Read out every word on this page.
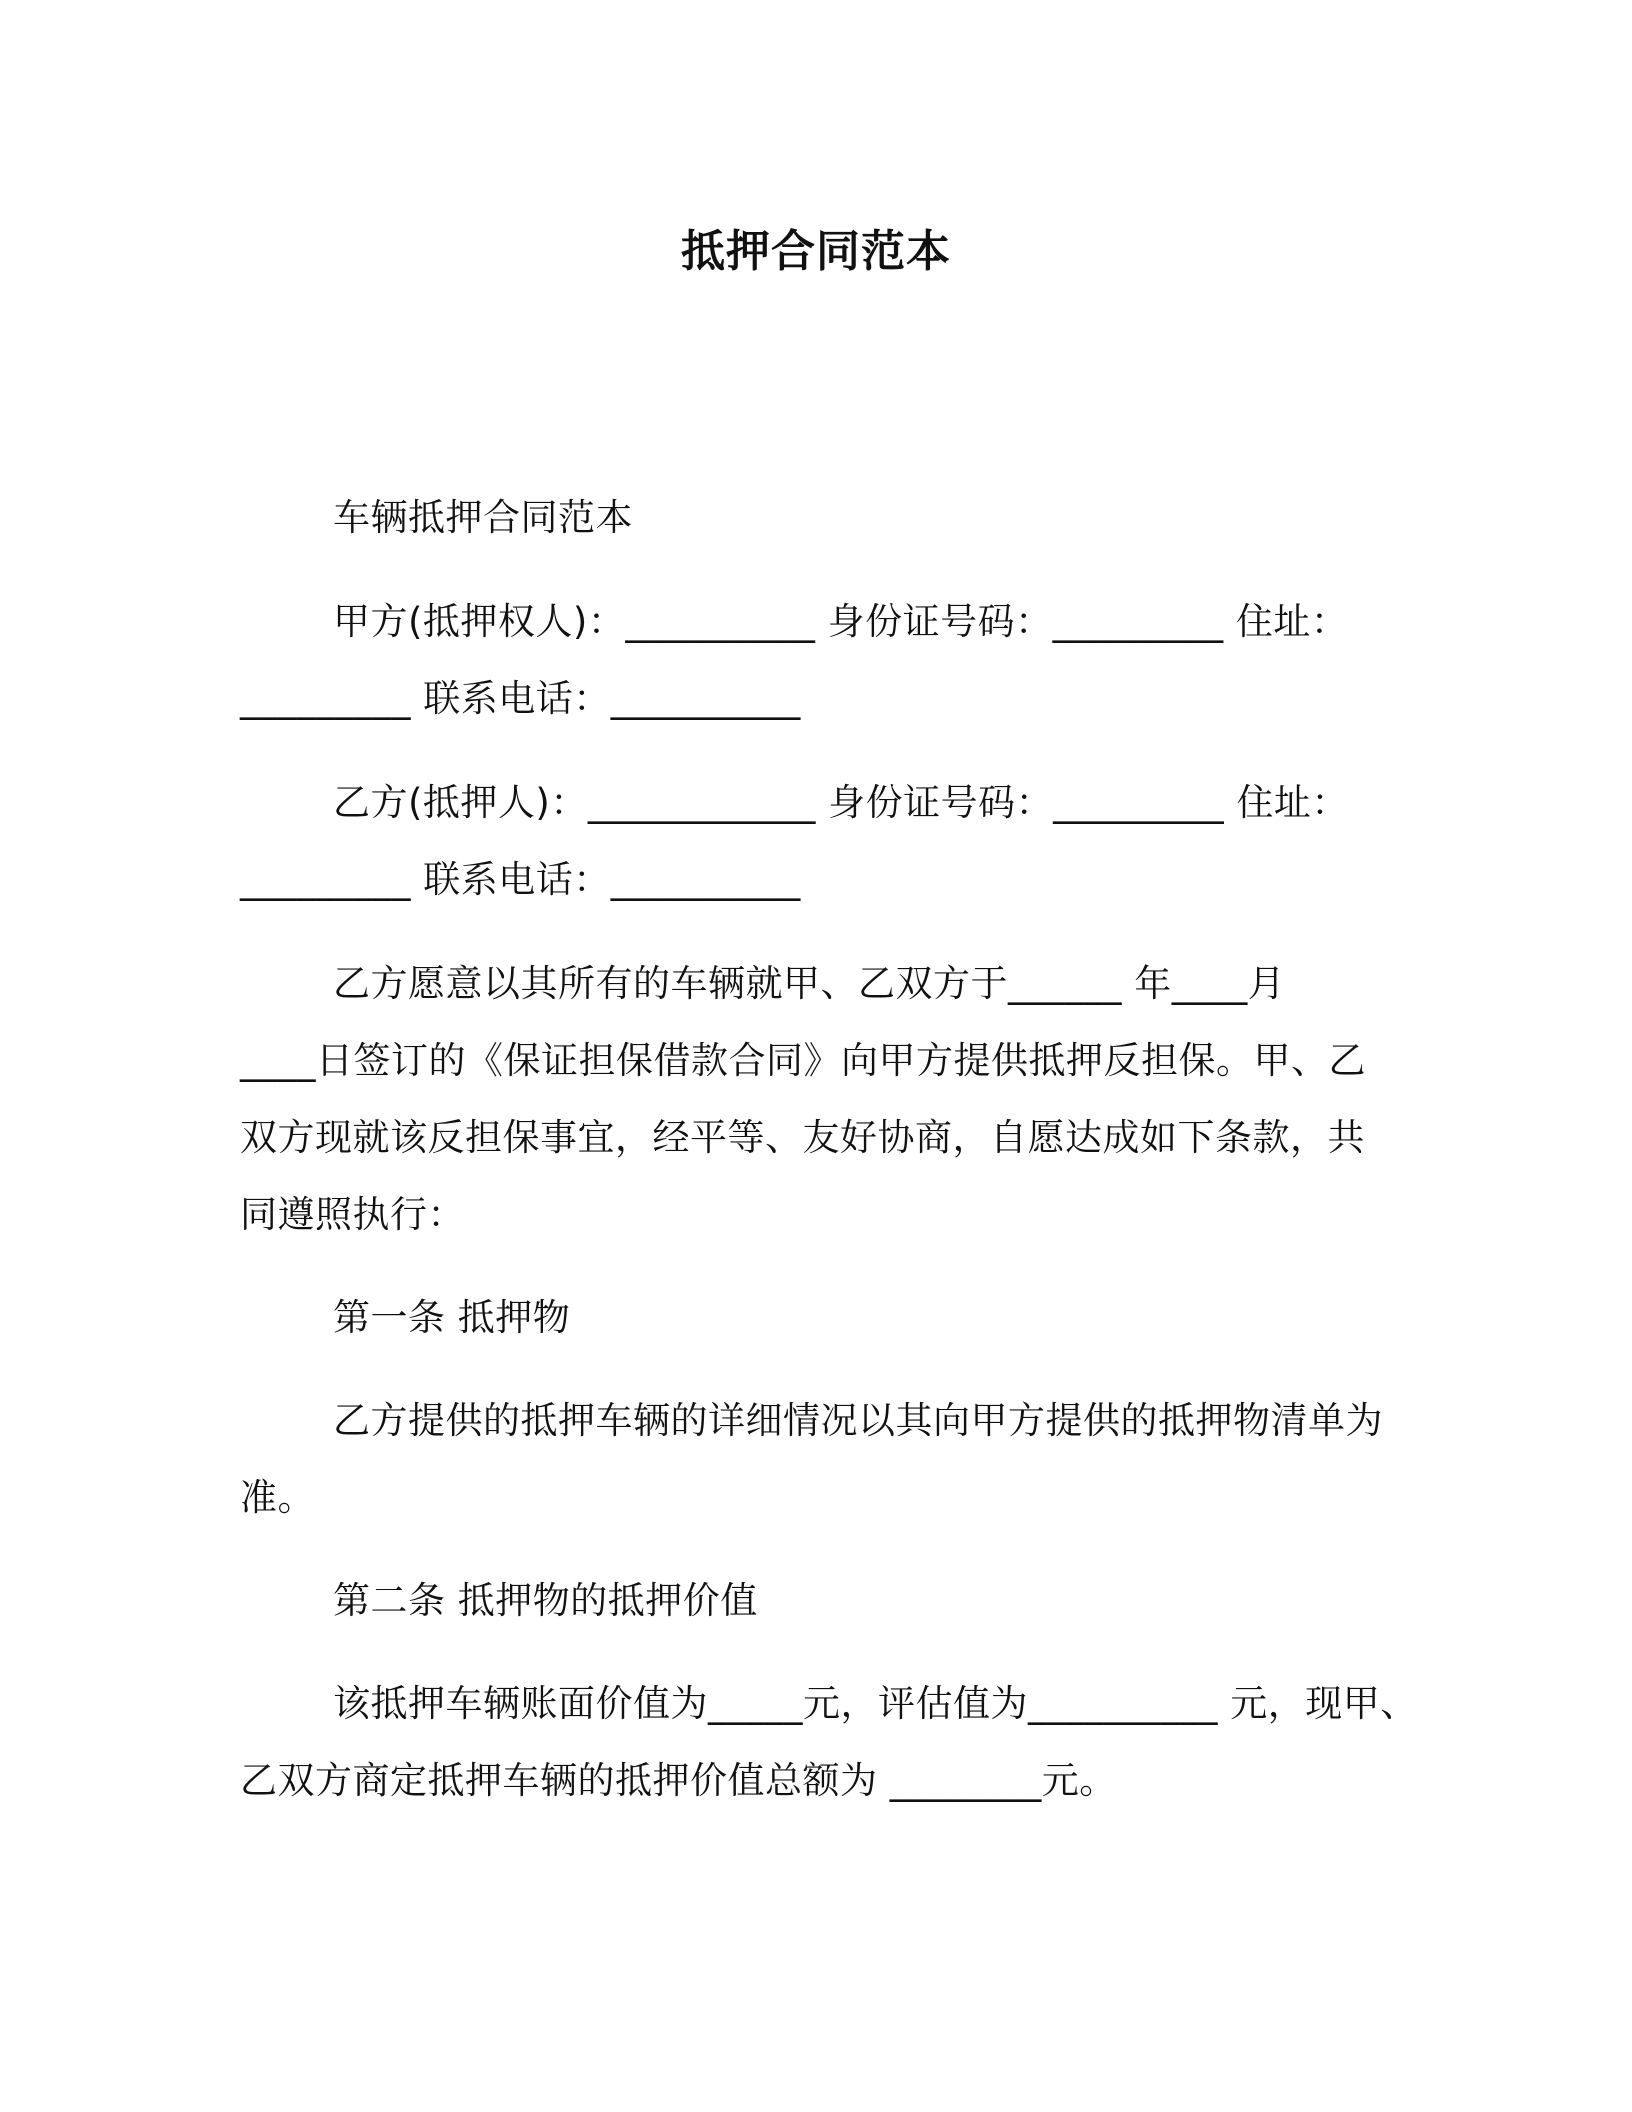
抵押合同范本
车辆抵押合同范本
甲方(抵押权人)：__________ 身份证号码：_________ 住址：
_________ 联系电话：__________
乙方(抵押人)：____________ 身份证号码：_________ 住址：
_________ 联系电话：__________
乙方愿意以其所有的车辆就甲、乙双方于______ 年____月
____日签订的《保证担保借款合同》向甲方提供抵押反担保。甲、乙
双方现就该反担保事宜，经平等、友好协商，自愿达成如下条款，共
同遵照执行：
第一条 抵押物
乙方提供的抵押车辆的详细情况以其向甲方提供的抵押物清单为
准。
第二条 抵押物的抵押价值
该抵押车辆账面价值为_____元，评估值为__________ 元，现甲、
乙双方商定抵押车辆的抵押价值总额为 ________元。
